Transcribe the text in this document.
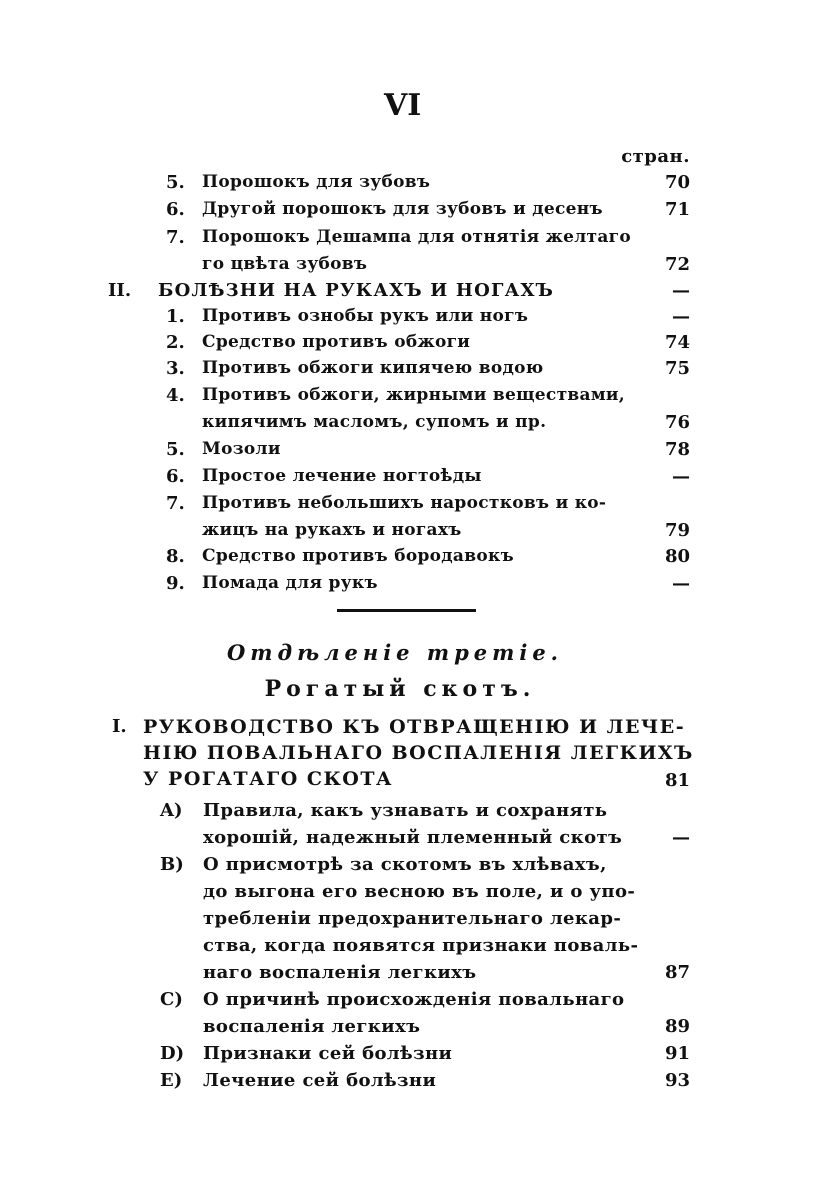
VI
стран.
5. Порошокъ для зубовъ	70
6. Другой порошокъ для зубовъ и десенъ	71
7. Порошокъ Дешампа для отнятія желтаго
го цвѣта зубовъ	72
II. БОЛѢЗНИ НА РУКАХЪ И НОГАХЪ	—
1. Противъ ознобы рукъ или ногъ	—
2. Средство противъ обжоги	74
3. Противъ обжоги кипячею водою	75
4. Противъ обжоги, жирными веществами,
кипячимъ масломъ, супомъ и пр.	76
5. Мозоли	78
6. Простое лечение ногтоѣды	—
7. Противъ небольшихъ наростковъ и ко-
жицъ на рукахъ и ногахъ	79
8. Средство противъ бородавокъ	80
9. Помада для рукъ	—
Отдѣленіе третіе.
Рогатый скотъ.
I. РУКОВОДСТВО КЪ ОТВРАЩЕНІЮ И ЛЕЧЕ-
НІЮ ПОВАЛЬНАГО ВОСПАЛЕНІЯ ЛЕГКИХЪ
У РОГАТАГО СКОТА	81
A) Правила, какъ узнавать и сохранять
хорошій, надежный племенный скотъ	—
B) О присмотрѣ за скотомъ въ хлѣвахъ,
до выгона его весною въ поле, и о упо-
требленіи предохранительнаго лекар-
ства, когда появятся признаки поваль-
наго воспаленія легкихъ	87
C) О причинѣ происхожденія повальнаго
воспаленія легкихъ	89
D) Признаки сей болѣзни	91
E) Лечение сей болѣзни	93
